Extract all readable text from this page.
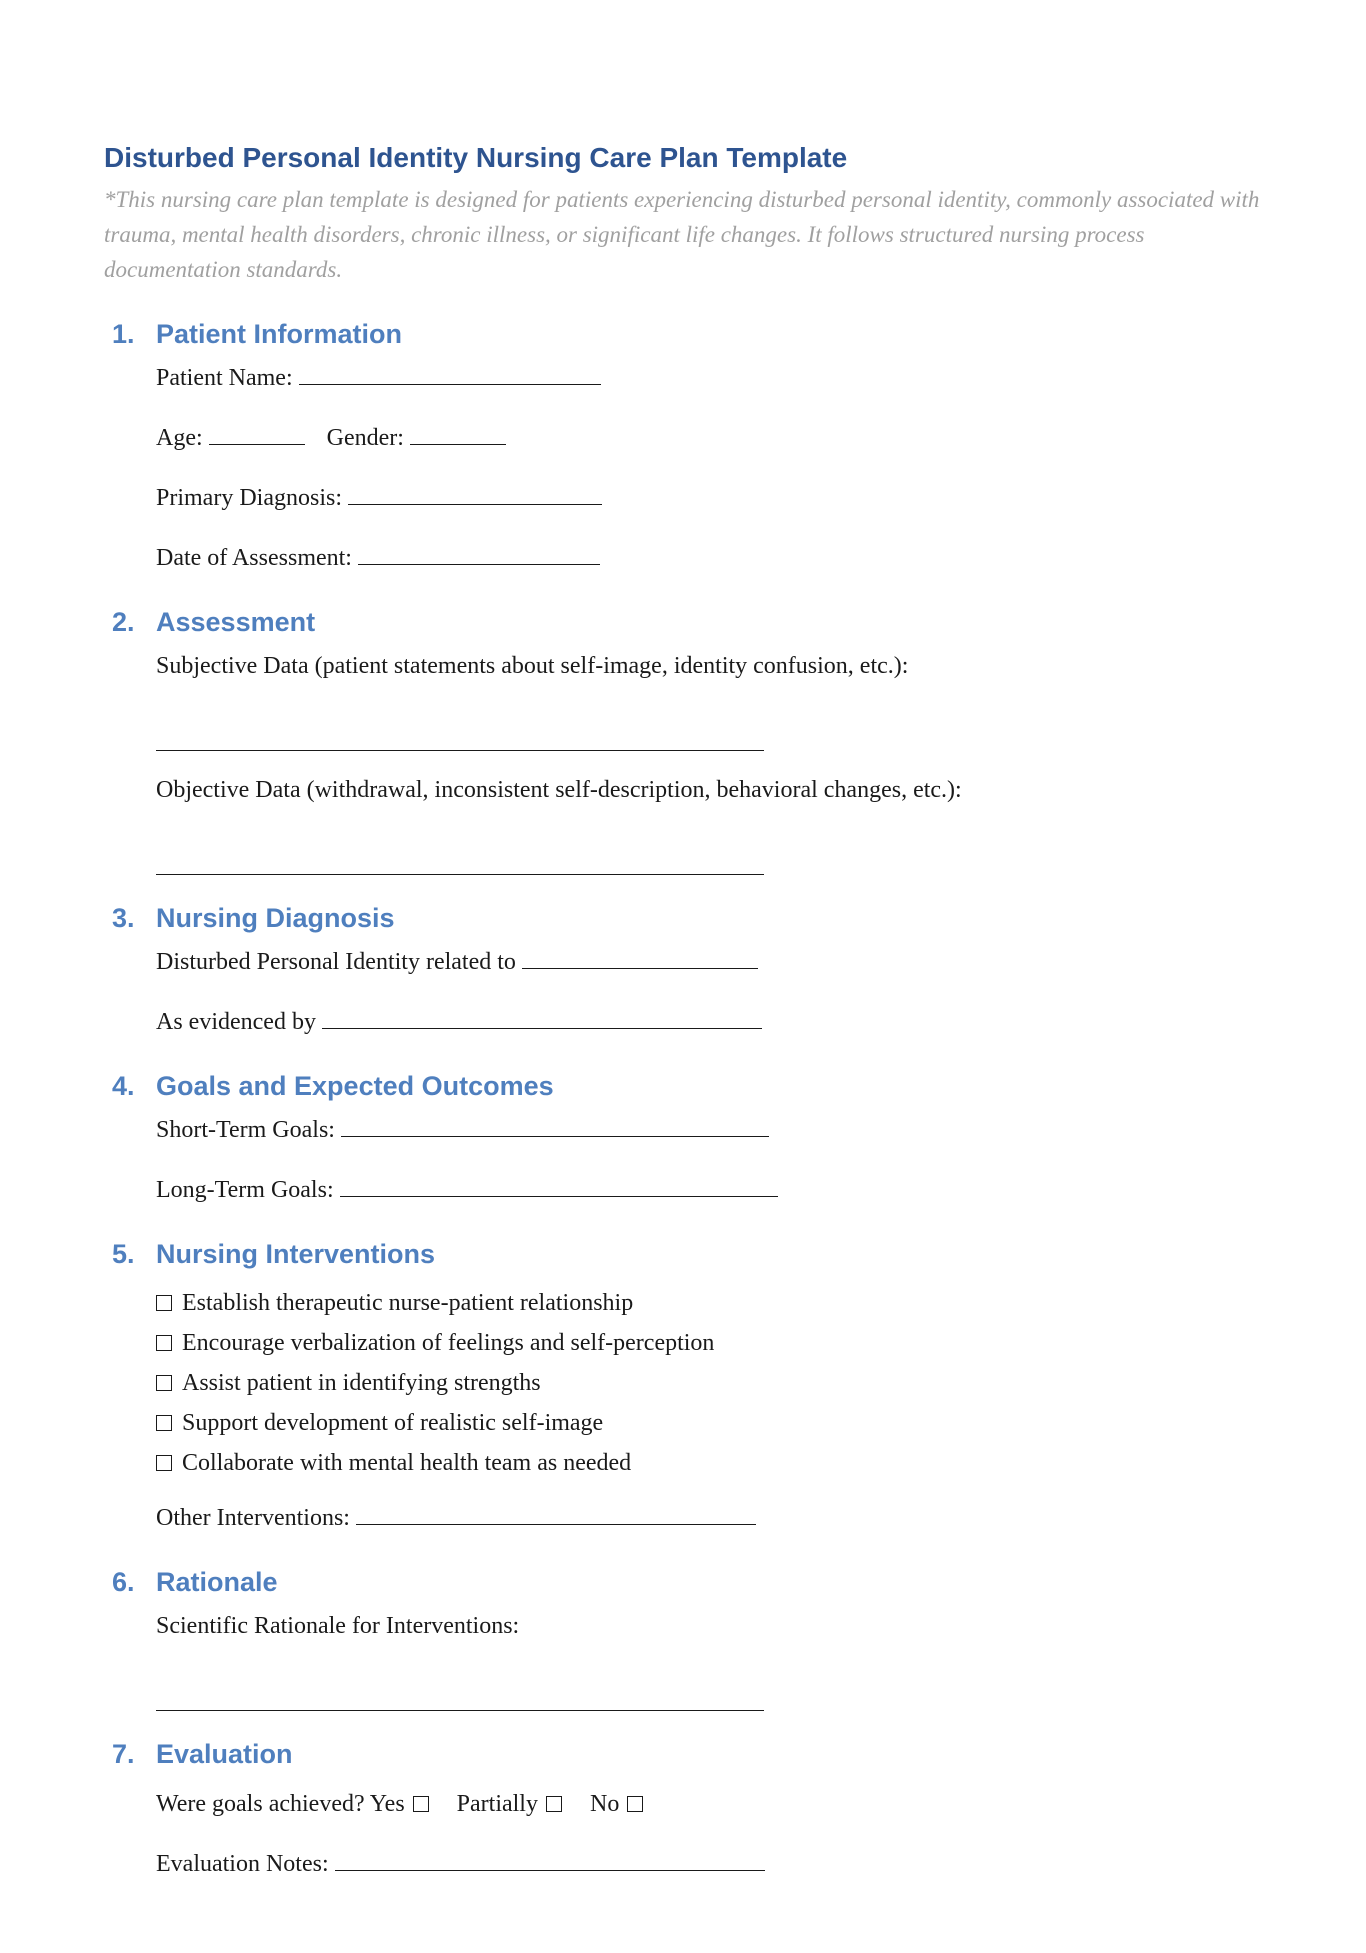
Disturbed Personal Identity Nursing Care Plan Template

*This nursing care plan template is designed for patients experiencing disturbed personal identity, commonly associated with trauma, mental health disorders, chronic illness, or significant life changes. It follows structured nursing process documentation standards.

1. Patient Information
Patient Name:
Age:	Gender:
Primary Diagnosis:
Date of Assessment:
2. Assessment
Subjective Data (patient statements about self-image, identity confusion, etc.):
Objective Data (withdrawal, inconsistent self-description, behavioral changes, etc.):
3. Nursing Diagnosis
Disturbed Personal Identity related to
As evidenced by
4. Goals and Expected Outcomes
Short-Term Goals:
Long-Term Goals:
5. Nursing Interventions
Establish therapeutic nurse-patient relationship
Encourage verbalization of feelings and self-perception
Assist patient in identifying strengths
Support development of realistic self-image
Collaborate with mental health team as needed
Other Interventions:
6. Rationale
Scientific Rationale for Interventions:
7. Evaluation
Were goals achieved? Yes Partially No
Evaluation Notes:
